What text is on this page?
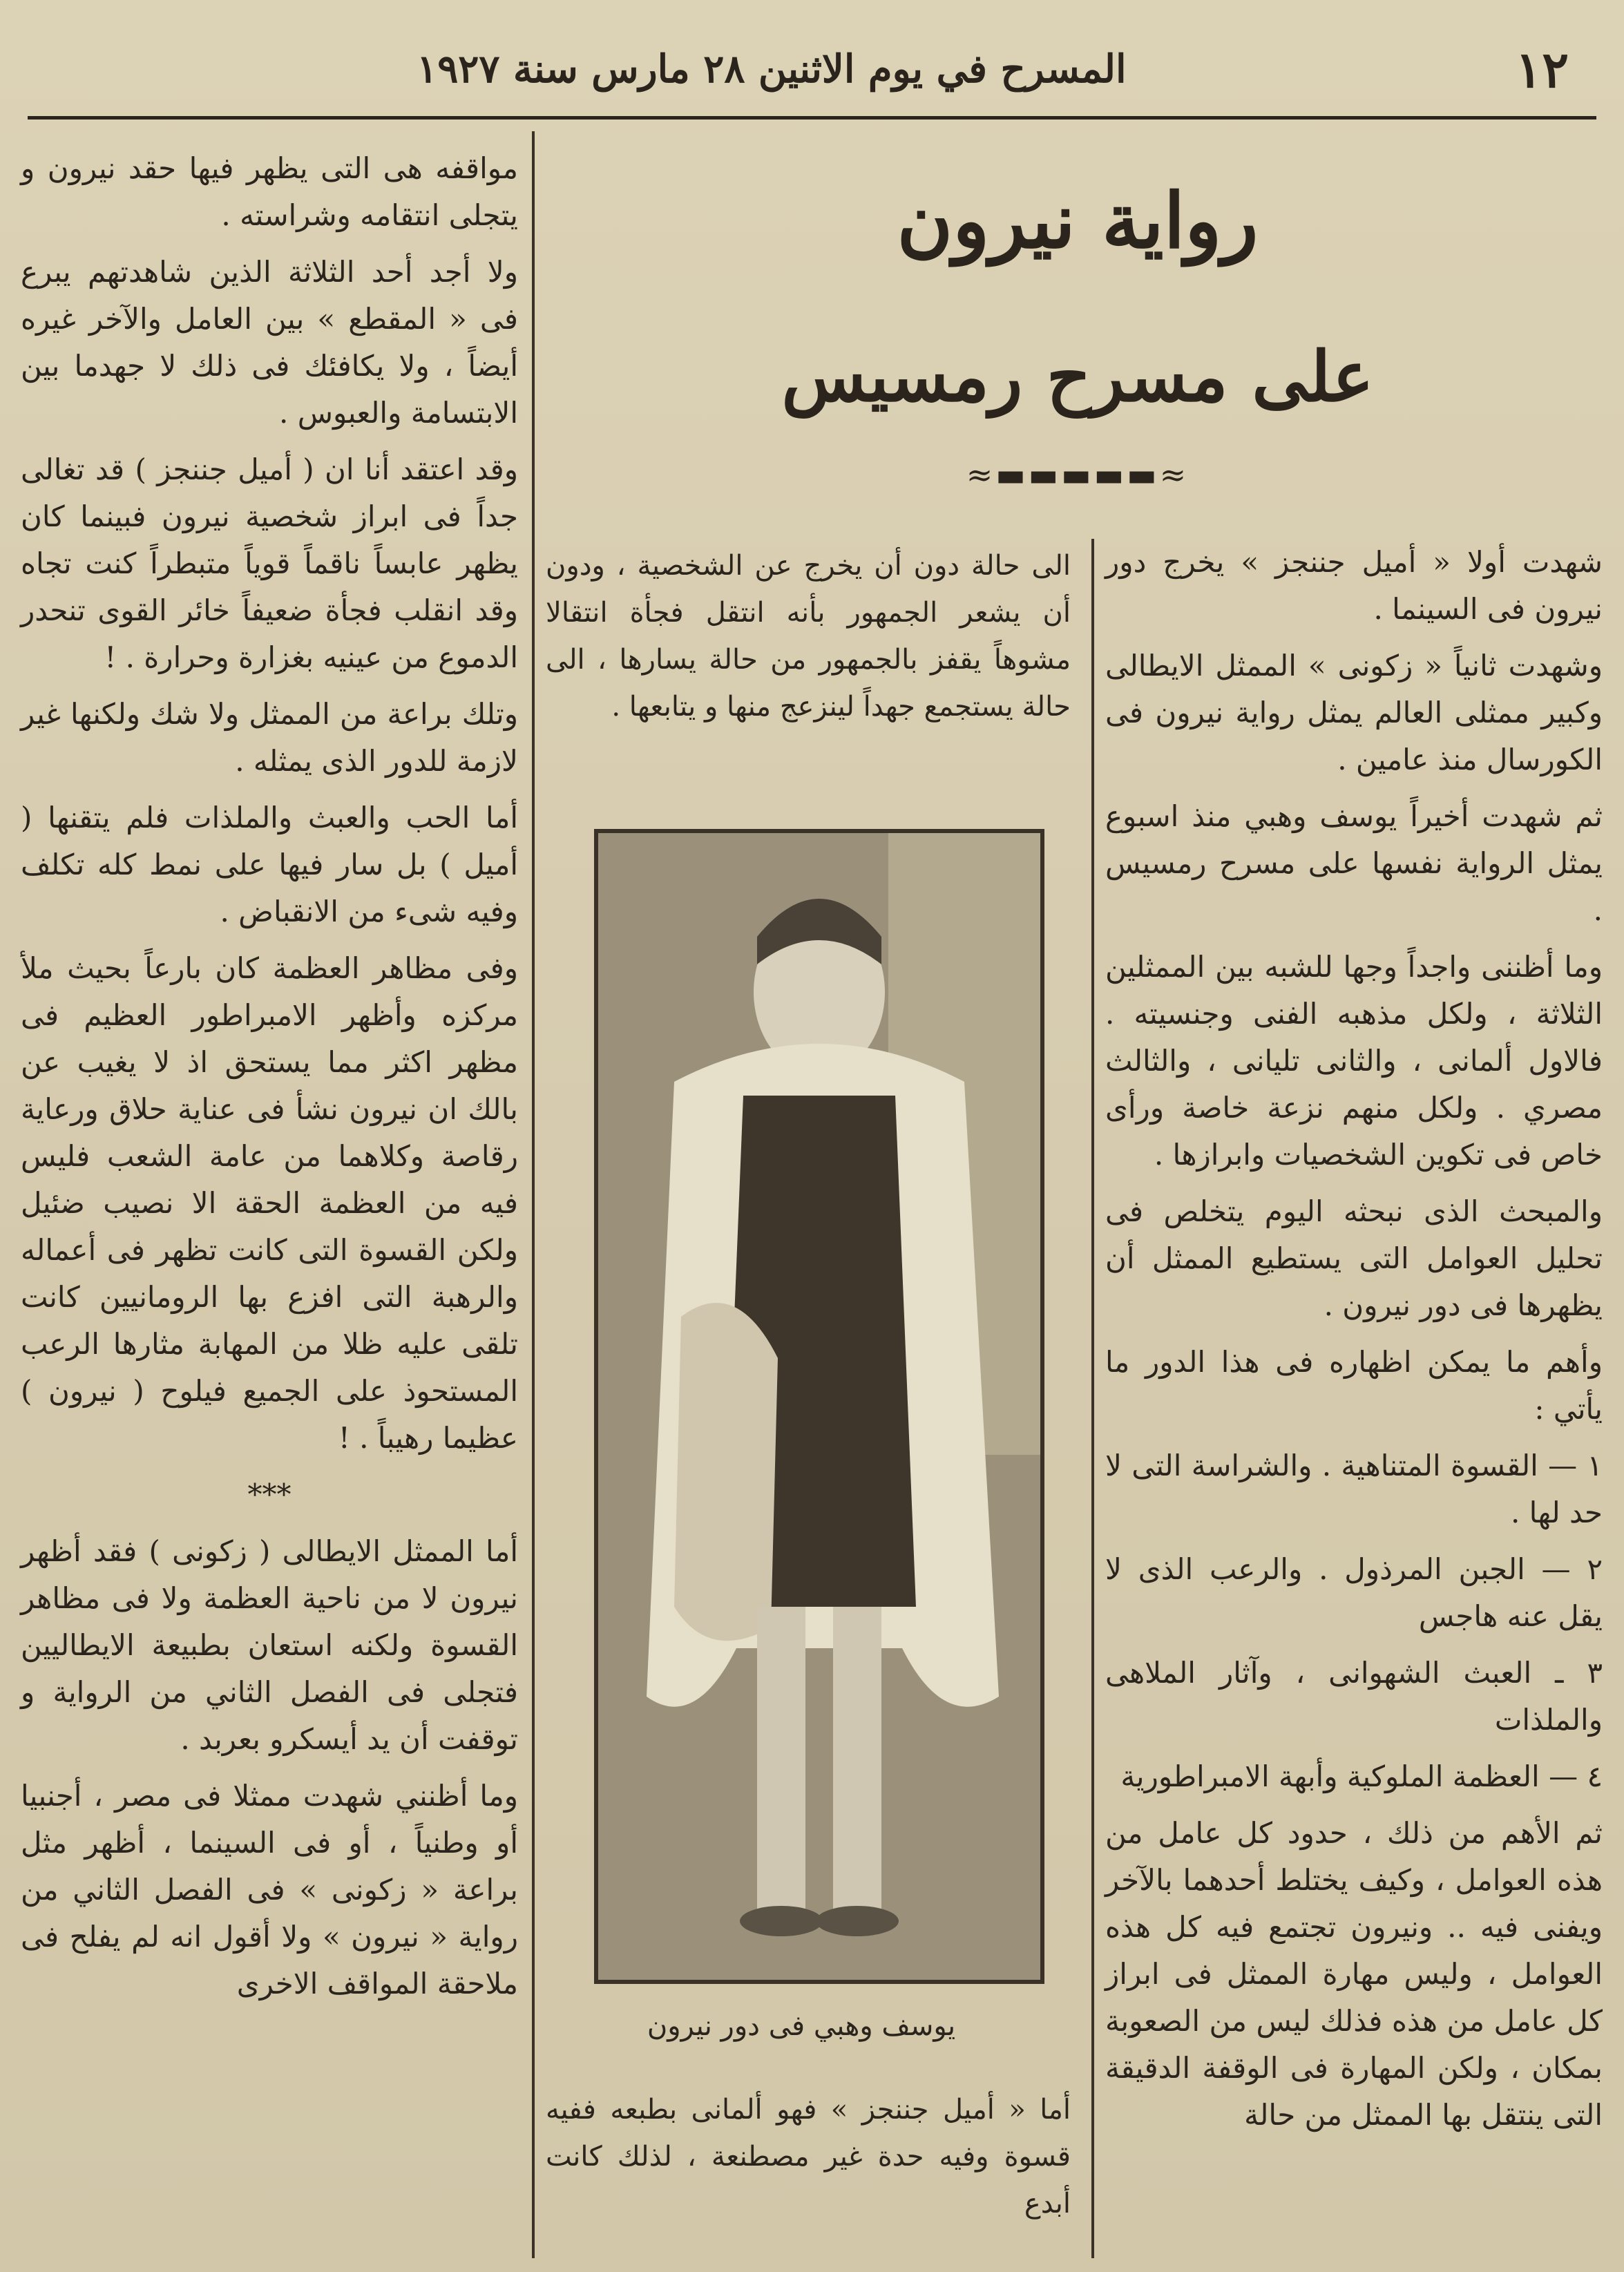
١٢
المسرح في يوم الاثنين ٢٨ مارس سنة ١٩٢٧
رواية نيرون
على مسرح رمسيس
≈▬▬▬▬▬≈

شهدت أولا « أميل جننجز » يخرج دور نيرون فى السينما .

وشهدت ثانياً « زكونى » الممثل الايطالى وكبير ممثلى العالم يمثل رواية نيرون فى الكورسال منذ عامين .

ثم شهدت أخيراً يوسف وهبي منذ اسبوع يمثل الرواية نفسها على مسرح رمسيس .

وما أظننى واجداً وجها للشبه بين الممثلين الثلاثة ، ولكل مذهبه الفنى وجنسيته . فالاول ألمانى ، والثانى تليانى ، والثالث مصري . ولكل منهم نزعة خاصة ورأى خاص فى تكوين الشخصيات وابرازها .

والمبحث الذى نبحثه اليوم يتخلص فى تحليل العوامل التى يستطيع الممثل أن يظهرها فى دور نيرون .

وأهم ما يمكن اظهاره فى هذا الدور ما يأتي :

١ — القسوة المتناهية . والشراسة التى لا حد لها .

٢ — الجبن المرذول . والرعب الذى لا يقل عنه هاجس

٣ ـ العبث الشهوانى ، وآثار الملاهى والملذات

٤ — العظمة الملوكية وأبهة الامبراطورية

ثم الأهم من ذلك ، حدود كل عامل من هذه العوامل ، وكيف يختلط أحدهما بالآخر ويفنى فيه .. ونيرون تجتمع فيه كل هذه العوامل ، وليس مهارة الممثل فى ابراز كل عامل من هذه فذلك ليس من الصعوبة بمكان ، ولكن المهارة فى الوقفة الدقيقة التى ينتقل بها الممثل من حالة

الى حالة دون أن يخرج عن الشخصية ، ودون أن يشعر الجمهور بأنه انتقل فجأة انتقالا مشوهاً يقفز بالجمهور من حالة يسارها ، الى حالة يستجمع جهداً لينزعج منها و يتابعها .
يوسف وهبي فى دور نيرون
أما « أميل جننجز » فهو ألمانى بطبعه ففيه قسوة وفيه حدة غير مصطنعة ، لذلك كانت أبدع

مواقفه هى التى يظهر فيها حقد نيرون و يتجلى انتقامه وشراسته .

ولا أجد أحد الثلاثة الذين شاهدتهم يبرع فى « المقطع » بين العامل والآخر غيره أيضاً ، ولا يكافئك فى ذلك لا جهدما بين الابتسامة والعبوس .

وقد اعتقد أنا ان ( أميل جننجز ) قد تغالى جداً فى ابراز شخصية نيرون فبينما كان يظهر عابساً ناقماً قوياً متبطراً كنت تجاه وقد انقلب فجأة ضعيفاً خائر القوى تنحدر الدموع من عينيه بغزارة وحرارة . !

وتلك براعة من الممثل ولا شك ولكنها غير لازمة للدور الذى يمثله .

أما الحب والعبث والملذات فلم يتقنها ( أميل ) بل سار فيها على نمط كله تكلف وفيه شىء من الانقباض .

وفى مظاهر العظمة كان بارعاً بحيث ملأ مركزه وأظهر الامبراطور العظيم فى مظهر اكثر مما يستحق اذ لا يغيب عن بالك ان نيرون نشأ فى عناية حلاق ورعاية رقاصة وكلاهما من عامة الشعب فليس فيه من العظمة الحقة الا نصيب ضئيل ولكن القسوة التى كانت تظهر فى أعماله والرهبة التى افزع بها الرومانيين كانت تلقى عليه ظلا من المهابة مثارها الرعب المستحوذ على الجميع فيلوح ( نيرون ) عظيما رهيباً . !

***

أما الممثل الايطالى ( زكونى ) فقد أظهر نيرون لا من ناحية العظمة ولا فى مظاهر القسوة ولكنه استعان بطبيعة الايطاليين فتجلى فى الفصل الثاني من الرواية و توقفت أن يد أيسكرو بعربد .

وما أظنني شهدت ممثلا فى مصر ، أجنبيا أو وطنياً ، أو فى السينما ، أظهر مثل براعة « زكونى » فى الفصل الثاني من رواية « نيرون » ولا أقول انه لم يفلح فى ملاحقة المواقف الاخرى
